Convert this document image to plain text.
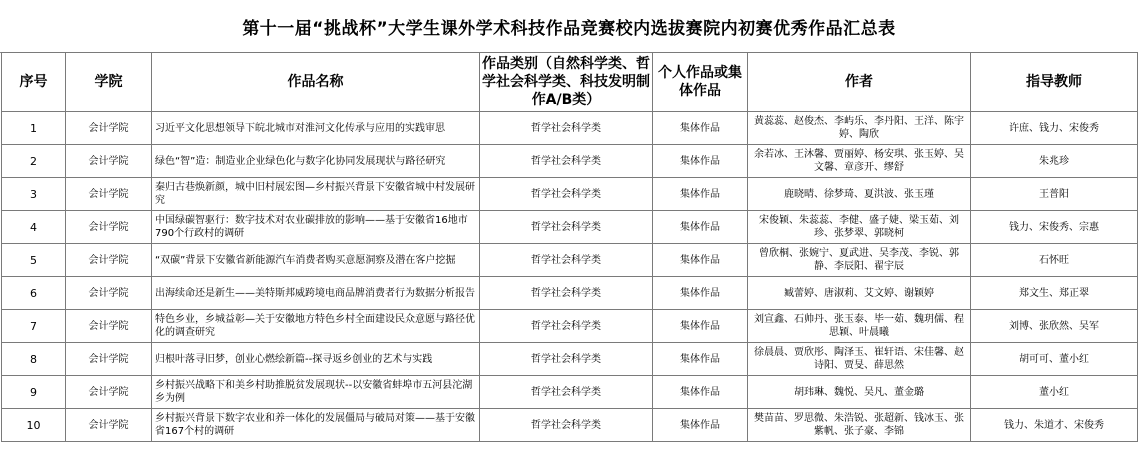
第十一届“挑战杯”大学生课外学术科技作品竞赛校内选拔赛院内初赛优秀作品汇总表
序号	学院	作品名称	作品类别（自然科学类、哲学社会科学类、科技发明制作A/B类）	个人作品或集体作品	作者	指导教师
1	会计学院	习近平文化思想领导下皖北城市对淮河文化传承与应用的实践审思	哲学社会科学类	集体作品	黄蕊蕊、赵俊杰、李屿乐、李丹阳、王洋、陈宇婷、陶欣	许庶、钱力、宋俊秀
2	会计学院	绿色“智”造：制造业企业绿色化与数字化协同发展现状与路径研究	哲学社会科学类	集体作品	余若冰、王沐馨、贾丽婷、杨安琪、张玉婷、吴文馨、章彦开、缪舒	朱兆珍
3	会计学院	秦归古巷焕新颜，城中旧村展宏图—乡村振兴背景下安徽省城中村发展研究	哲学社会科学类	集体作品	鹿晓晴、徐梦琦、夏洪波、张玉瑾	王普阳
4	会计学院	中国绿碳智驱行：数字技术对农业碳排放的影响——基于安徽省16地市790个行政村的调研	哲学社会科学类	集体作品	宋俊颖、朱蕊蕊、李健、盛子婕、梁玉茹、刘珍、张梦翠、郭晓柯	钱力、宋俊秀、宗惠
5	会计学院	“双碳”背景下安徽省新能源汽车消费者购买意愿洞察及潜在客户挖掘	哲学社会科学类	集体作品	曾欣桐、张婉宁、夏武进、吴李茂、李锐、郭静、李辰阳、翟宇辰	石怀旺
6	会计学院	出海续命还是新生——美特斯邦威跨境电商品牌消费者行为数据分析报告	哲学社会科学类	集体作品	臧蕾婷、唐淑莉、艾文婷、谢颖婷	郑文生、郑正翠
7	会计学院	特色乡业，乡城益彰—关于安徽地方特色乡村全面建设民众意愿与路径优化的调查研究	哲学社会科学类	集体作品	刘宣鑫、石帅丹、张玉泰、毕一茹、魏玥儒、程思颖、叶晨曦	刘博、张欣然、吴军
8	会计学院	归根叶落寻旧梦，创业心燃绘新篇--探寻返乡创业的艺术与实践	哲学社会科学类	集体作品	徐晨晨、贾欣彤、陶泽玉、崔轩语、宋佳馨、赵诗阳、贾旻、薛思然	胡可可、董小红
9	会计学院	乡村振兴战略下和美乡村助推脱贫发展现状--以安徽省蚌埠市五河县沱湖乡为例	哲学社会科学类	集体作品	胡玮琳、魏悦、吴凡、董金璐	董小红
10	会计学院	乡村振兴背景下数字农业和养一体化的发展僵局与破局对策——基于安徽省167个村的调研	哲学社会科学类	集体作品	樊苗苗、罗思微、朱浩锐、张超新、钱冰玉、张紫帆、张子豪、李锦	钱力、朱道才、宋俊秀
